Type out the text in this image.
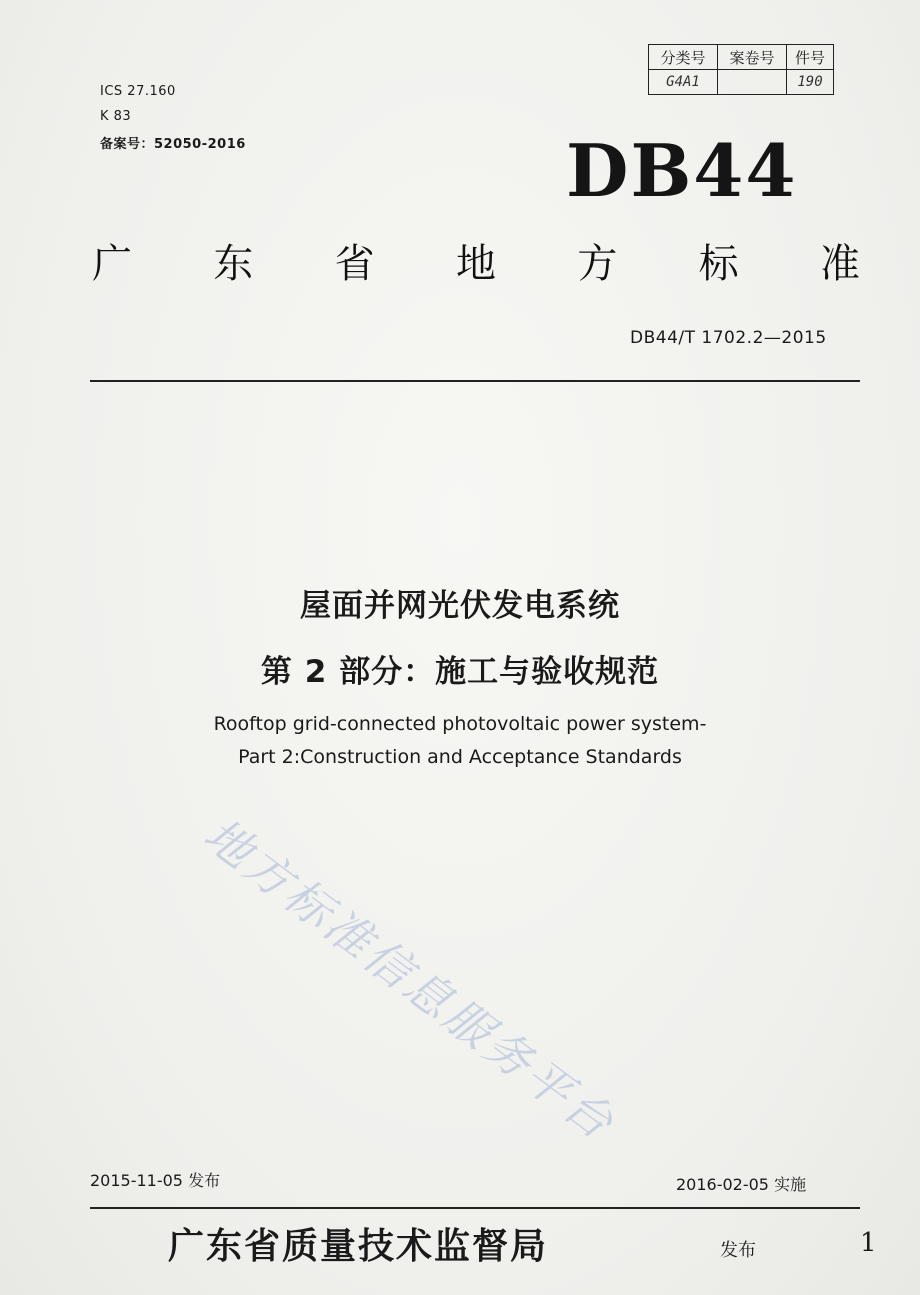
ICS 27.160
K 83
备案号：52050-2016
分类号	案卷号	件号
G4A1		190
DB44
广 东 省 地 方 标 准
DB44/T 1702.2—2015
屋面并网光伏发电系统
第 2 部分：施工与验收规范
Rooftop grid-connected photovoltaic power system-
Part 2:Construction and Acceptance Standards
地方标准信息服务平台
2015-11-05 发布	2016-02-05 实施
广东省质量技术监督局	发布	1
